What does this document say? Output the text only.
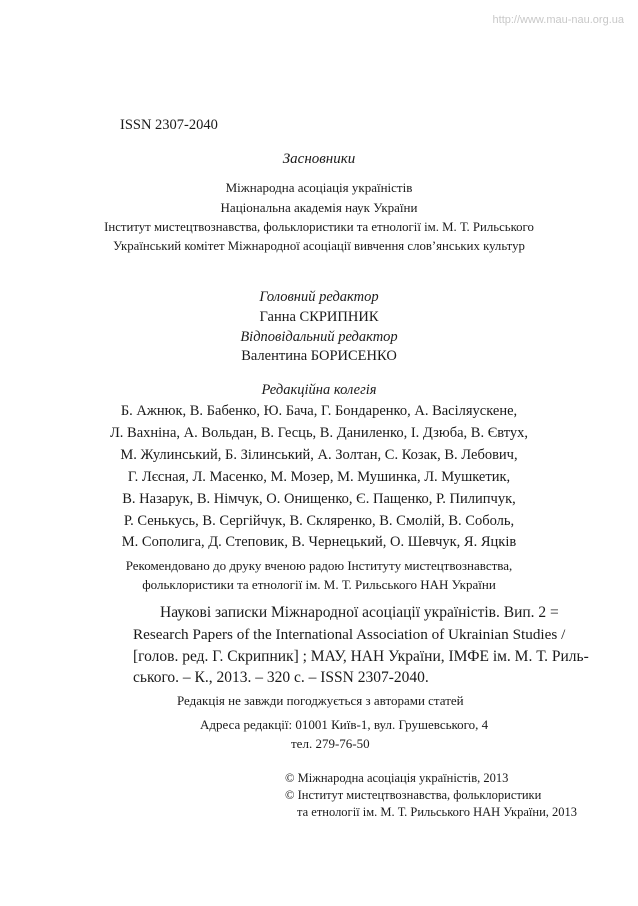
http://www.mau-nau.org.ua
ISSN 2307-2040
Засновники
Міжнародна асоціація україністів
Національна академія наук України
Інститут мистецтвознавства, фольклористики та етнології ім. М. Т. Рильського
Український комітет Міжнародної асоціації вивчення слов’янських культур
Головний редактор
Ганна СКРИПНИК
Відповідальний редактор
Валентина БОРИСЕНКО
Редакційна колегія
Б. Ажнюк, В. Бабенко, Ю. Бача, Г. Бондаренко, А. Васіляускене,
Л. Вахніна, А. Вольдан, В. Гесць, В. Даниленко, І. Дзюба, В. Євтух,
М. Жулинський, Б. Зілинський, А. Золтан, С. Козак, В. Лебович,
Г. Лєсная, Л. Масенко, М. Мозер, М. Мушинка, Л. Мушкетик,
В. Назарук, В. Німчук, О. Онищенко, Є. Пащенко, Р. Пилипчук,
Р. Сенькусь, В. Сергійчук, В. Скляренко, В. Смолій, В. Соболь,
М. Сополига, Д. Степовик, В. Чернецький, О. Шевчук, Я. Яцків
Рекомендовано до друку вченою радою Інституту мистецтвознавства,
фольклористики та етнології ім. М. Т. Рильського НАН України
Наукові записки Міжнародної асоціації україністів. Вип. 2 =
Research Papers of the International Association of Ukrainian Studies /
[голов. ред. Г. Скрипник] ; МАУ, НАН України, ІМФЕ ім. М. Т. Риль-
ського. – К., 2013. – 320 с. – ISSN 2307-2040.
Редакція не завжди погоджується з авторами статей
Адреса редакції: 01001 Київ-1, вул. Грушевського, 4
тел. 279-76-50
© Міжнародна асоціація україністів, 2013
© Інститут мистецтвознавства, фольклористики
та етнології ім. М. Т. Рильського НАН України, 2013
